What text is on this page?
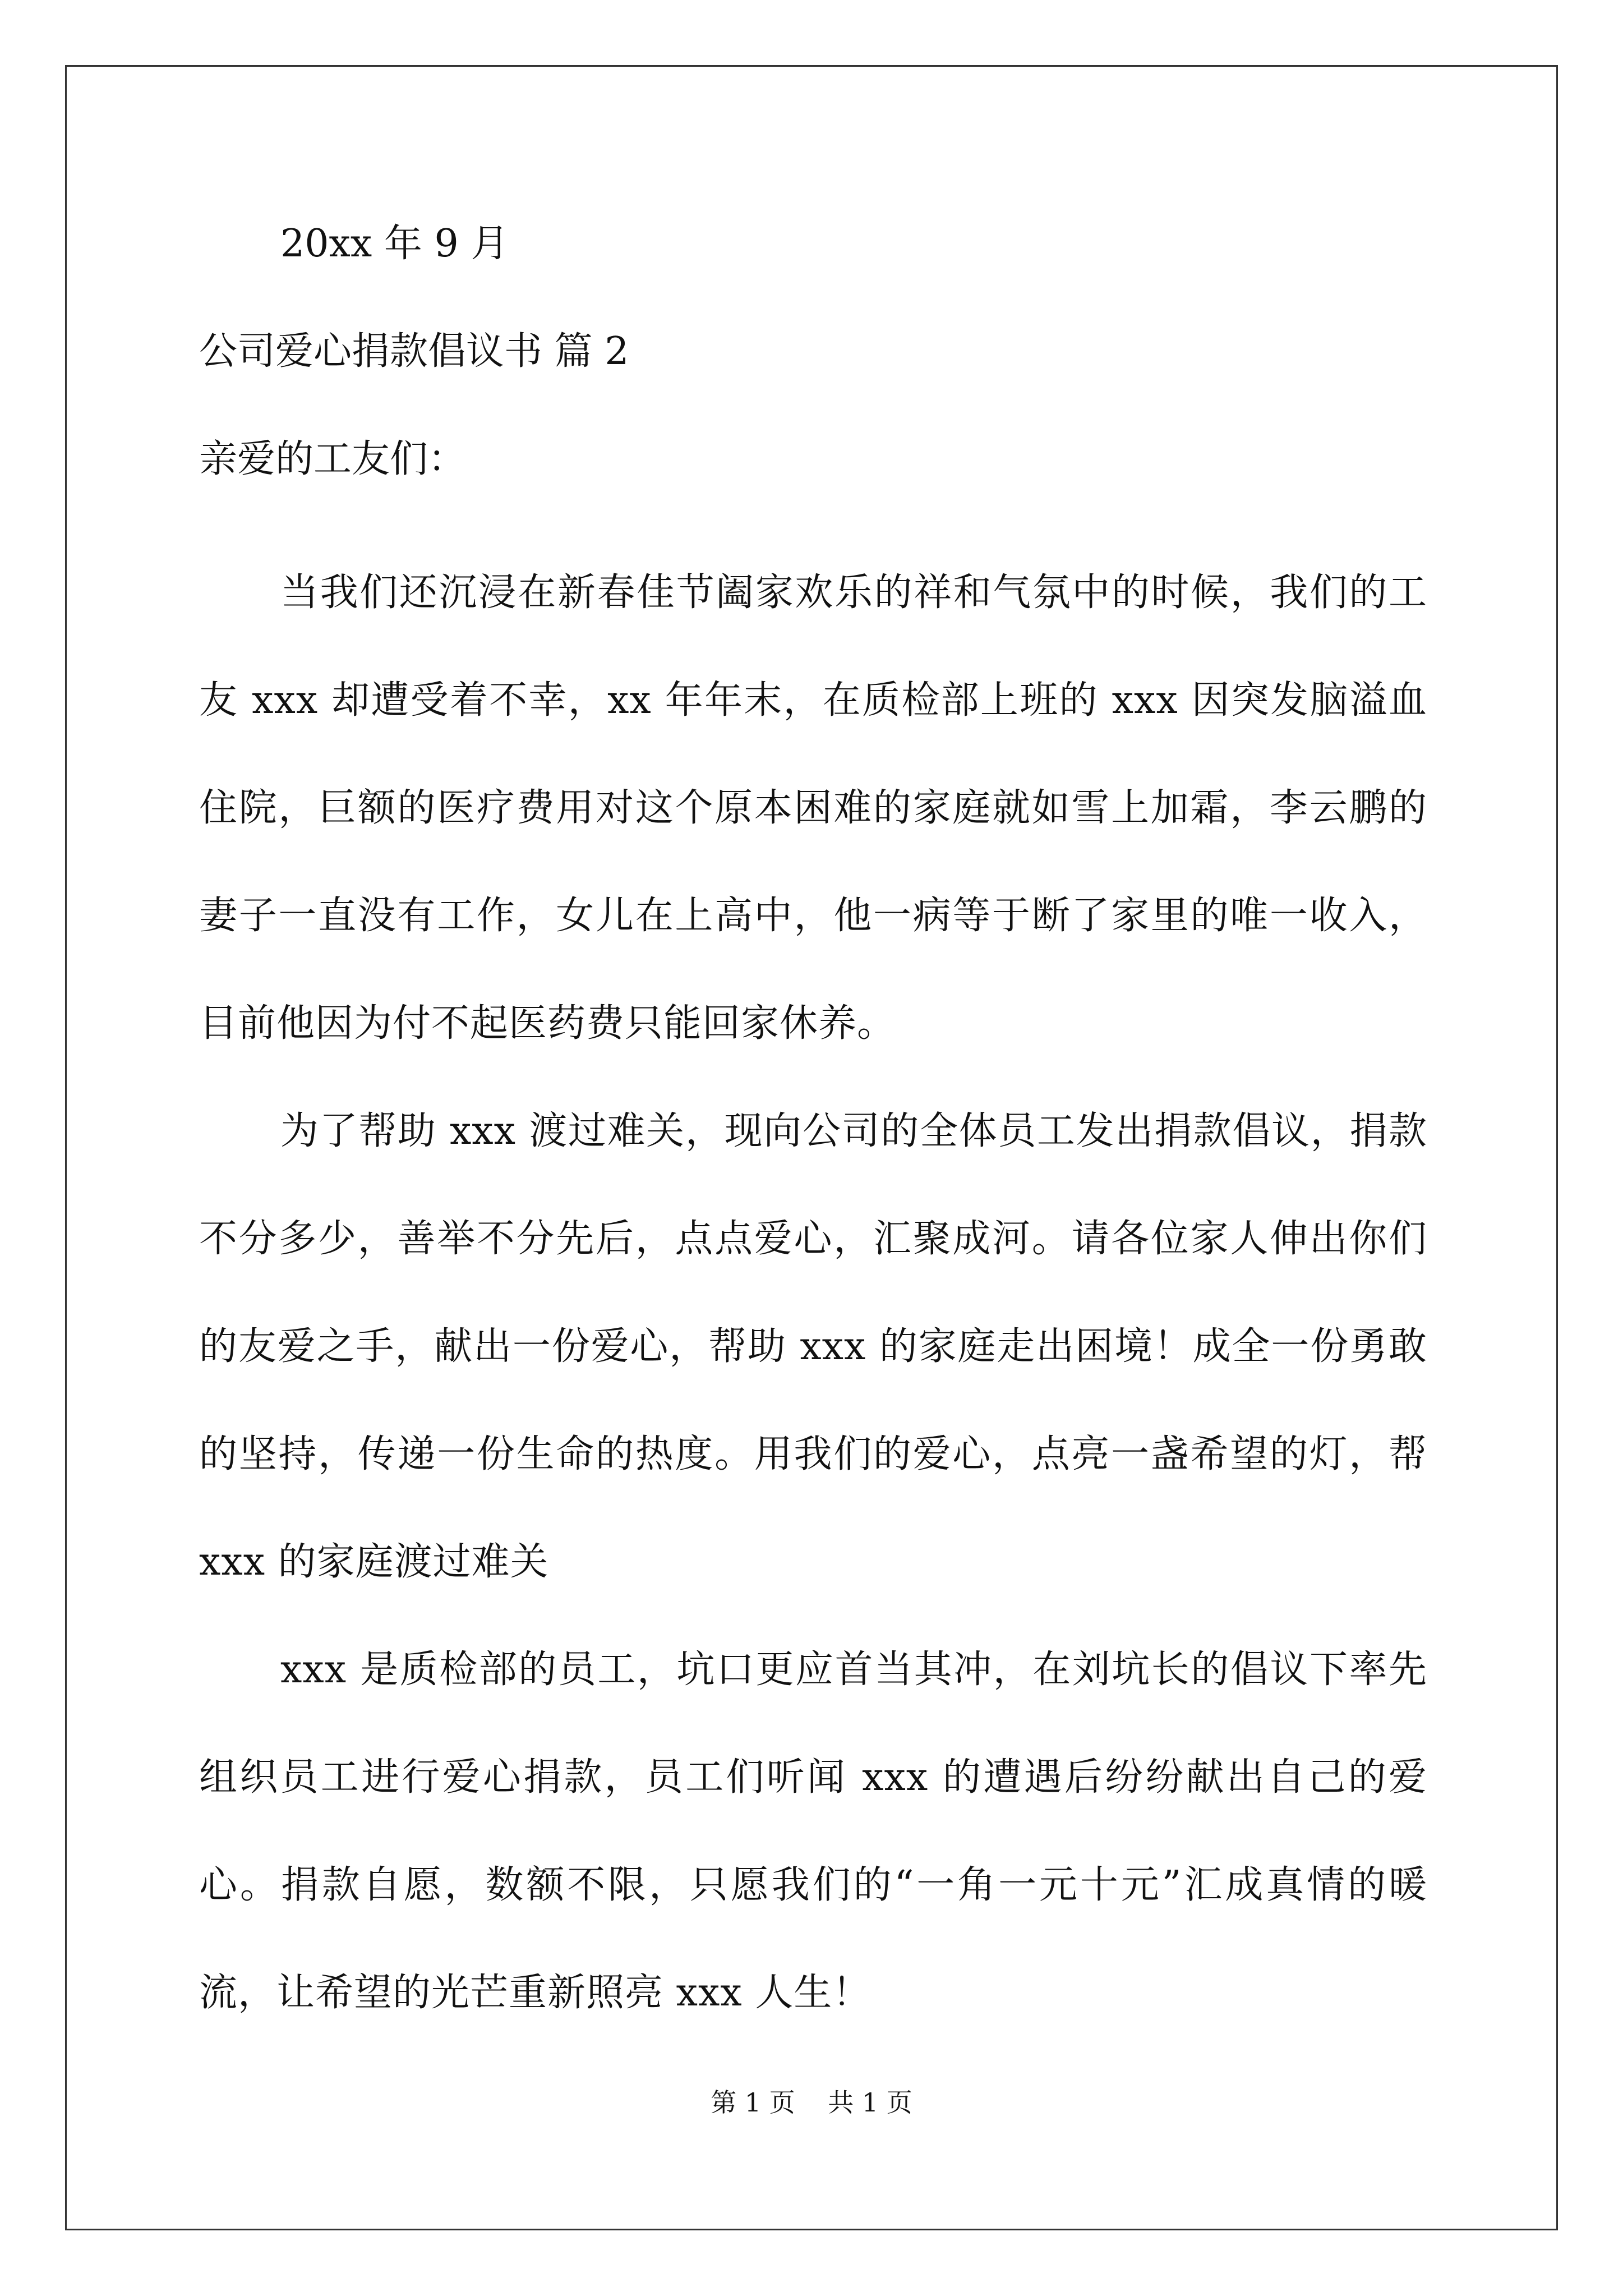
20xx 年 9 月
公司爱心捐款倡议书 篇 2
亲爱的工友们：

当我们还沉浸在新春佳节阖家欢乐的祥和气氛中的时候，我们的工友 xxx 却遭受着不幸，xx 年年末，在质检部上班的 xxx 因突发脑溢血住院，巨额的医疗费用对这个原本困难的家庭就如雪上加霜，李云鹏的妻子一直没有工作，女儿在上高中，他一病等于断了家里的唯一收入，目前他因为付不起医药费只能回家休养。

为了帮助 xxx 渡过难关，现向公司的全体员工发出捐款倡议，捐款不分多少，善举不分先后，点点爱心，汇聚成河。请各位家人伸出你们的友爱之手，献出一份爱心，帮助 xxx 的家庭走出困境！成全一份勇敢的坚持，传递一份生命的热度。用我们的爱心，点亮一盏希望的灯，帮 xxx 的家庭渡过难关

xxx 是质检部的员工，坑口更应首当其冲，在刘坑长的倡议下率先组织员工进行爱心捐款，员工们听闻 xxx 的遭遇后纷纷献出自己的爱心。捐款自愿，数额不限，只愿我们的“一角一元十元”汇成真情的暖流，让希望的光芒重新照亮 xxx 人生！

第 1 页    共 1 页
